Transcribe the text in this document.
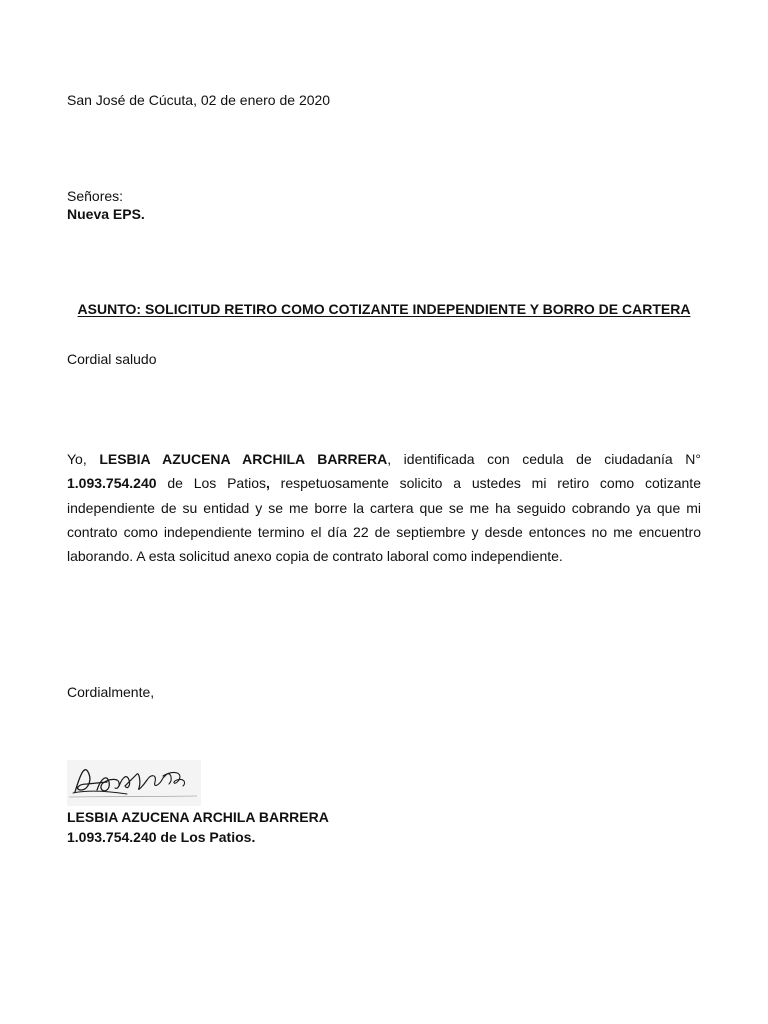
San José de Cúcuta, 02 de enero de 2020
Señores:
Nueva EPS.
ASUNTO: SOLICITUD RETIRO COMO COTIZANTE INDEPENDIENTE Y BORRO DE CARTERA
Cordial saludo

Yo, LESBIA AZUCENA ARCHILA BARRERA, identificada con cedula de ciudadanía N° 1.093.754.240 de Los Patios, respetuosamente solicito a ustedes mi retiro como cotizante independiente de su entidad y se me borre la cartera que se me ha seguido cobrando ya que mi contrato como independiente termino el día 22 de septiembre y desde entonces no me encuentro laborando. A esta solicitud anexo copia de contrato laboral como independiente.

Cordialmente,
LESBIA AZUCENA ARCHILA BARRERA
1.093.754.240 de Los Patios.
